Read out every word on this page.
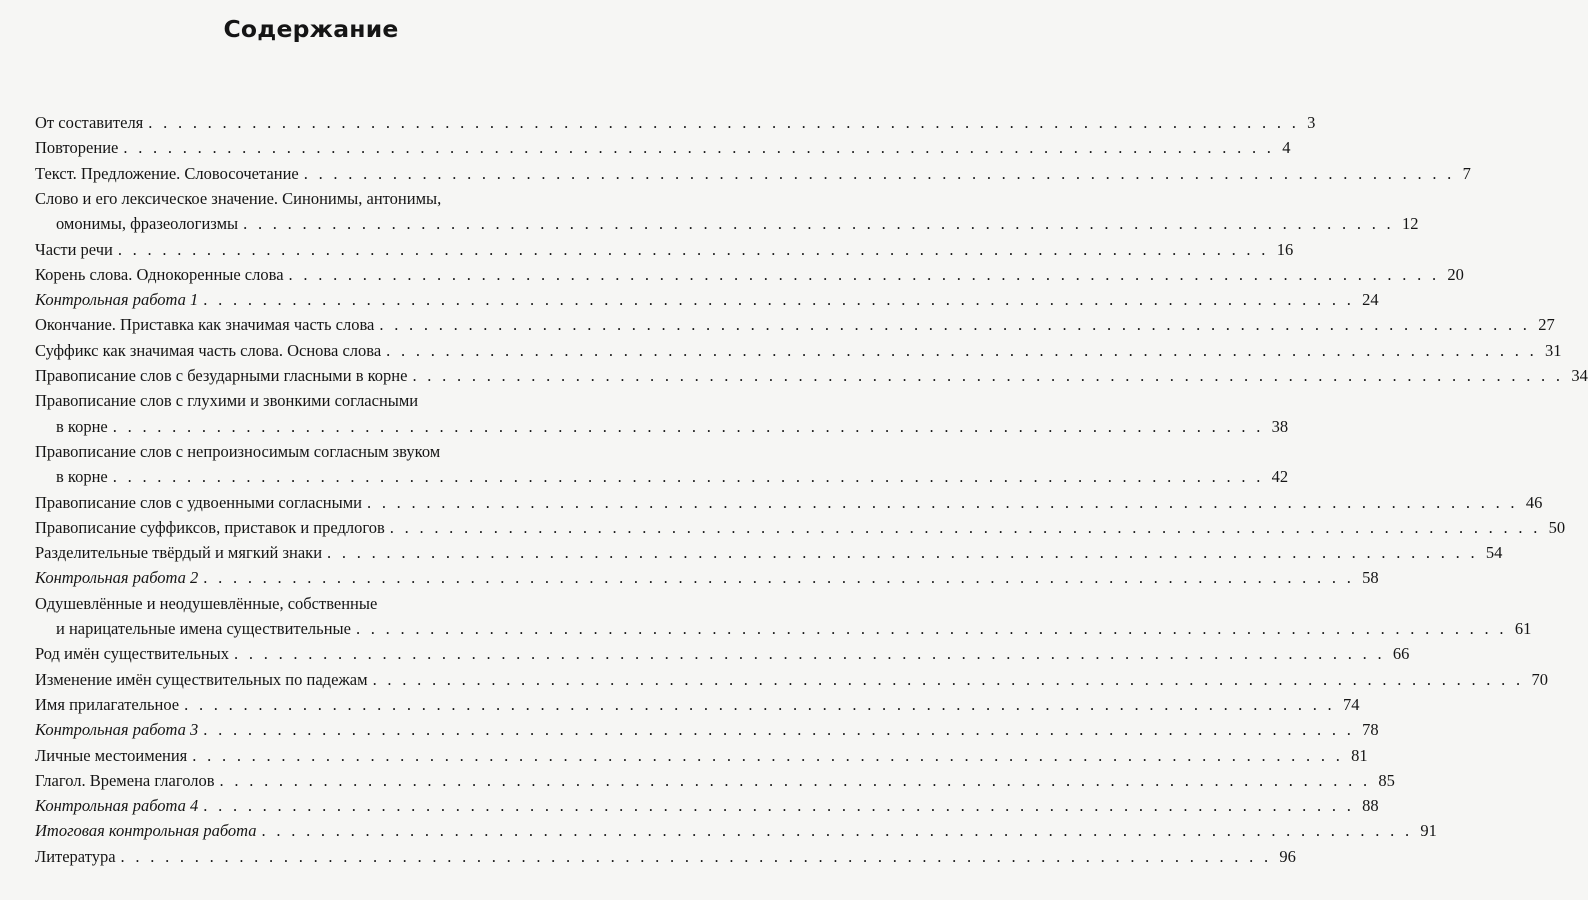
Содержание
От составителя . . . . . . . . . . . . . . . . . . . . . . . . . . . . . . . . . . . . . . . . . . . . . . . . . . . . . . . . . . . . . . . . . . . . . . . . . . . . . . 3
Повторение . . . . . . . . . . . . . . . . . . . . . . . . . . . . . . . . . . . . . . . . . . . . . . . . . . . . . . . . . . . . . . . . . . . . . . . . . . . . . . 4
Текст. Предложение. Словосочетание . . . . . . . . . . . . . . . . . . . . . . . . . . . . . . . . . . . . . . . . . . . . . . . . . . . . . . . . . . . . . . . . . . . . . . . . . . . . . . 7
Слово и его лексическое значение. Синонимы, антонимы,
омонимы, фразеологизмы . . . . . . . . . . . . . . . . . . . . . . . . . . . . . . . . . . . . . . . . . . . . . . . . . . . . . . . . . . . . . . . . . . . . . . . . . . . . . . 12
Части речи . . . . . . . . . . . . . . . . . . . . . . . . . . . . . . . . . . . . . . . . . . . . . . . . . . . . . . . . . . . . . . . . . . . . . . . . . . . . . . 16
Корень слова. Однокоренные слова . . . . . . . . . . . . . . . . . . . . . . . . . . . . . . . . . . . . . . . . . . . . . . . . . . . . . . . . . . . . . . . . . . . . . . . . . . . . . . 20
Контрольная работа 1 . . . . . . . . . . . . . . . . . . . . . . . . . . . . . . . . . . . . . . . . . . . . . . . . . . . . . . . . . . . . . . . . . . . . . . . . . . . . . . 24
Окончание. Приставка как значимая часть слова . . . . . . . . . . . . . . . . . . . . . . . . . . . . . . . . . . . . . . . . . . . . . . . . . . . . . . . . . . . . . . . . . . . . . . . . . . . . . . 27
Суффикс как значимая часть слова. Основа слова . . . . . . . . . . . . . . . . . . . . . . . . . . . . . . . . . . . . . . . . . . . . . . . . . . . . . . . . . . . . . . . . . . . . . . . . . . . . . . 31
Правописание слов с безударными гласными в корне . . . . . . . . . . . . . . . . . . . . . . . . . . . . . . . . . . . . . . . . . . . . . . . . . . . . . . . . . . . . . . . . . . . . . . . . . . . . . . 34
Правописание слов с глухими и звонкими согласными
в корне . . . . . . . . . . . . . . . . . . . . . . . . . . . . . . . . . . . . . . . . . . . . . . . . . . . . . . . . . . . . . . . . . . . . . . . . . . . . . . 38
Правописание слов с непроизносимым согласным звуком
в корне . . . . . . . . . . . . . . . . . . . . . . . . . . . . . . . . . . . . . . . . . . . . . . . . . . . . . . . . . . . . . . . . . . . . . . . . . . . . . . 42
Правописание слов с удвоенными согласными . . . . . . . . . . . . . . . . . . . . . . . . . . . . . . . . . . . . . . . . . . . . . . . . . . . . . . . . . . . . . . . . . . . . . . . . . . . . . . 46
Правописание суффиксов, приставок и предлогов . . . . . . . . . . . . . . . . . . . . . . . . . . . . . . . . . . . . . . . . . . . . . . . . . . . . . . . . . . . . . . . . . . . . . . . . . . . . . . 50
Разделительные твёрдый и мягкий знаки . . . . . . . . . . . . . . . . . . . . . . . . . . . . . . . . . . . . . . . . . . . . . . . . . . . . . . . . . . . . . . . . . . . . . . . . . . . . . . 54
Контрольная работа 2 . . . . . . . . . . . . . . . . . . . . . . . . . . . . . . . . . . . . . . . . . . . . . . . . . . . . . . . . . . . . . . . . . . . . . . . . . . . . . . 58
Одушевлённые и неодушевлённые, собственные
и нарицательные имена существительные . . . . . . . . . . . . . . . . . . . . . . . . . . . . . . . . . . . . . . . . . . . . . . . . . . . . . . . . . . . . . . . . . . . . . . . . . . . . . . 61
Род имён существительных . . . . . . . . . . . . . . . . . . . . . . . . . . . . . . . . . . . . . . . . . . . . . . . . . . . . . . . . . . . . . . . . . . . . . . . . . . . . . . 66
Изменение имён существительных по падежам . . . . . . . . . . . . . . . . . . . . . . . . . . . . . . . . . . . . . . . . . . . . . . . . . . . . . . . . . . . . . . . . . . . . . . . . . . . . . . 70
Имя прилагательное . . . . . . . . . . . . . . . . . . . . . . . . . . . . . . . . . . . . . . . . . . . . . . . . . . . . . . . . . . . . . . . . . . . . . . . . . . . . . . 74
Контрольная работа 3 . . . . . . . . . . . . . . . . . . . . . . . . . . . . . . . . . . . . . . . . . . . . . . . . . . . . . . . . . . . . . . . . . . . . . . . . . . . . . . 78
Личные местоимения . . . . . . . . . . . . . . . . . . . . . . . . . . . . . . . . . . . . . . . . . . . . . . . . . . . . . . . . . . . . . . . . . . . . . . . . . . . . . . 81
Глагол. Времена глаголов . . . . . . . . . . . . . . . . . . . . . . . . . . . . . . . . . . . . . . . . . . . . . . . . . . . . . . . . . . . . . . . . . . . . . . . . . . . . . . 85
Контрольная работа 4 . . . . . . . . . . . . . . . . . . . . . . . . . . . . . . . . . . . . . . . . . . . . . . . . . . . . . . . . . . . . . . . . . . . . . . . . . . . . . . 88
Итоговая контрольная работа . . . . . . . . . . . . . . . . . . . . . . . . . . . . . . . . . . . . . . . . . . . . . . . . . . . . . . . . . . . . . . . . . . . . . . . . . . . . . . 91
Литература . . . . . . . . . . . . . . . . . . . . . . . . . . . . . . . . . . . . . . . . . . . . . . . . . . . . . . . . . . . . . . . . . . . . . . . . . . . . . . 96
